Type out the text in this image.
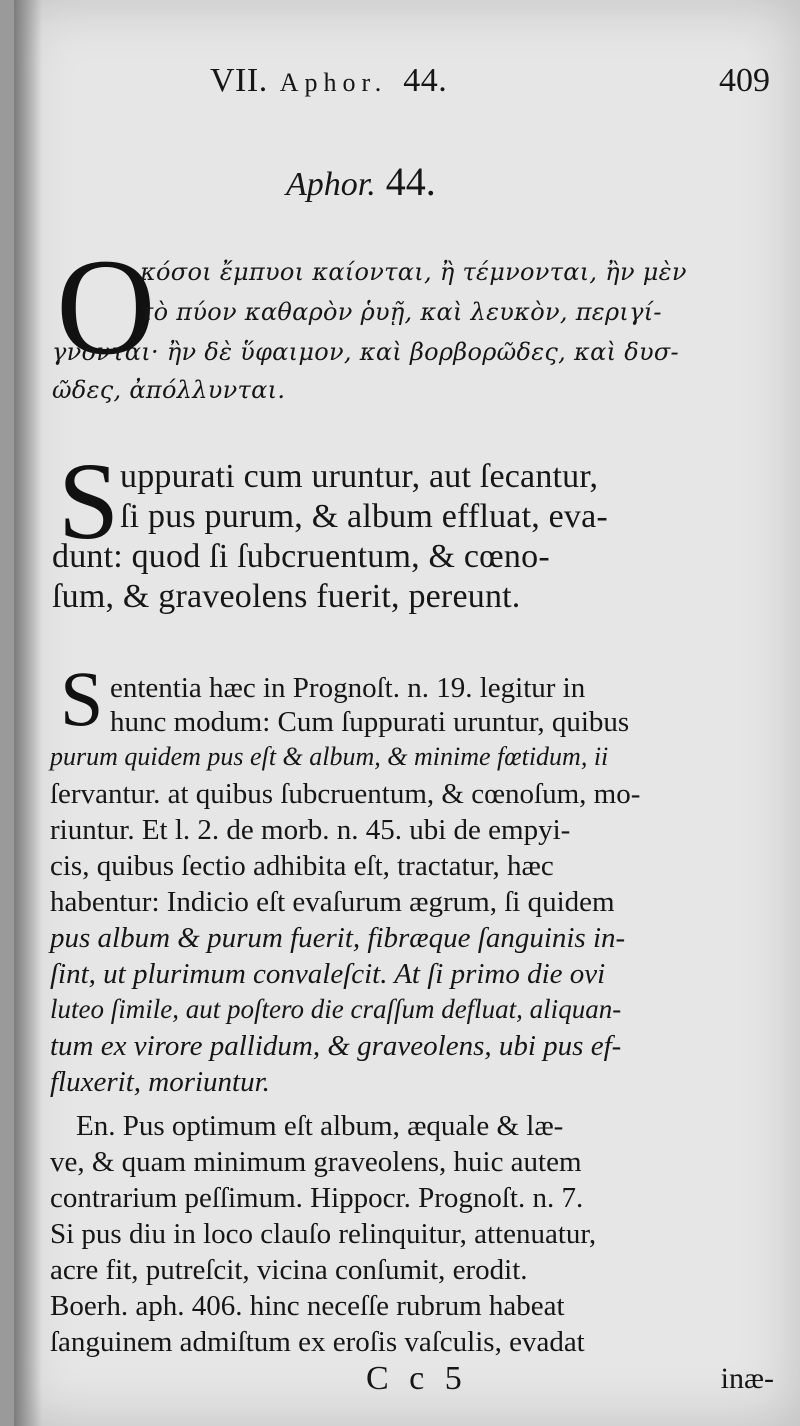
VII. Aphor. 44.	409
Aphor. 44.
O
κόσοι ἔμπυοι καίονται, ἢ τέμνονται, ἢν μὲν
τὸ πύον καθαρὸν ῥυῇ, καὶ λευκὸν, περιγί-
γνονται· ἢν δὲ ὕφαιμον, καὶ βορβορῶδες, καὶ δυσ-
ῶδες, ἀπόλλυνται.
S uppurati cum uruntur, aut ſecantur,
ſi pus purum, & album effluat, eva-
dunt: quod ſi ſubcruentum, & cœno-
ſum, & graveolens fuerit, pereunt.
S ententia hæc in Prognoſt. n. 19. legitur in
hunc modum: Cum ſuppurati uruntur, quibus
purum quidem pus eſt & album, & minime fœtidum, ii
ſervantur. at quibus ſubcruentum, & cœnoſum, mo-
riuntur. Et l. 2. de morb. n. 45. ubi de empyi-
cis, quibus ſectio adhibita eſt, tractatur, hæc
habentur: Indicio eſt evaſurum ægrum, ſi quidem
pus album & purum fuerit, fibræque ſanguinis in-
ſint, ut plurimum convaleſcit. At ſi primo die ovi
luteo ſimile, aut poſtero die craſſum defluat, aliquan-
tum ex virore pallidum, & graveolens, ubi pus ef-
fluxerit, moriuntur.
En. Pus optimum eſt album, æquale & læ-
ve, & quam minimum graveolens, huic autem
contrarium peſſimum. Hippocr. Prognoſt. n. 7.
Si pus diu in loco clauſo relinquitur, attenuatur,
acre fit, putreſcit, vicina conſumit, erodit.
Boerh. aph. 406. hinc neceſſe rubrum habeat
ſanguinem admiſtum ex eroſis vaſculis, evadat
C c 5	inæ-
